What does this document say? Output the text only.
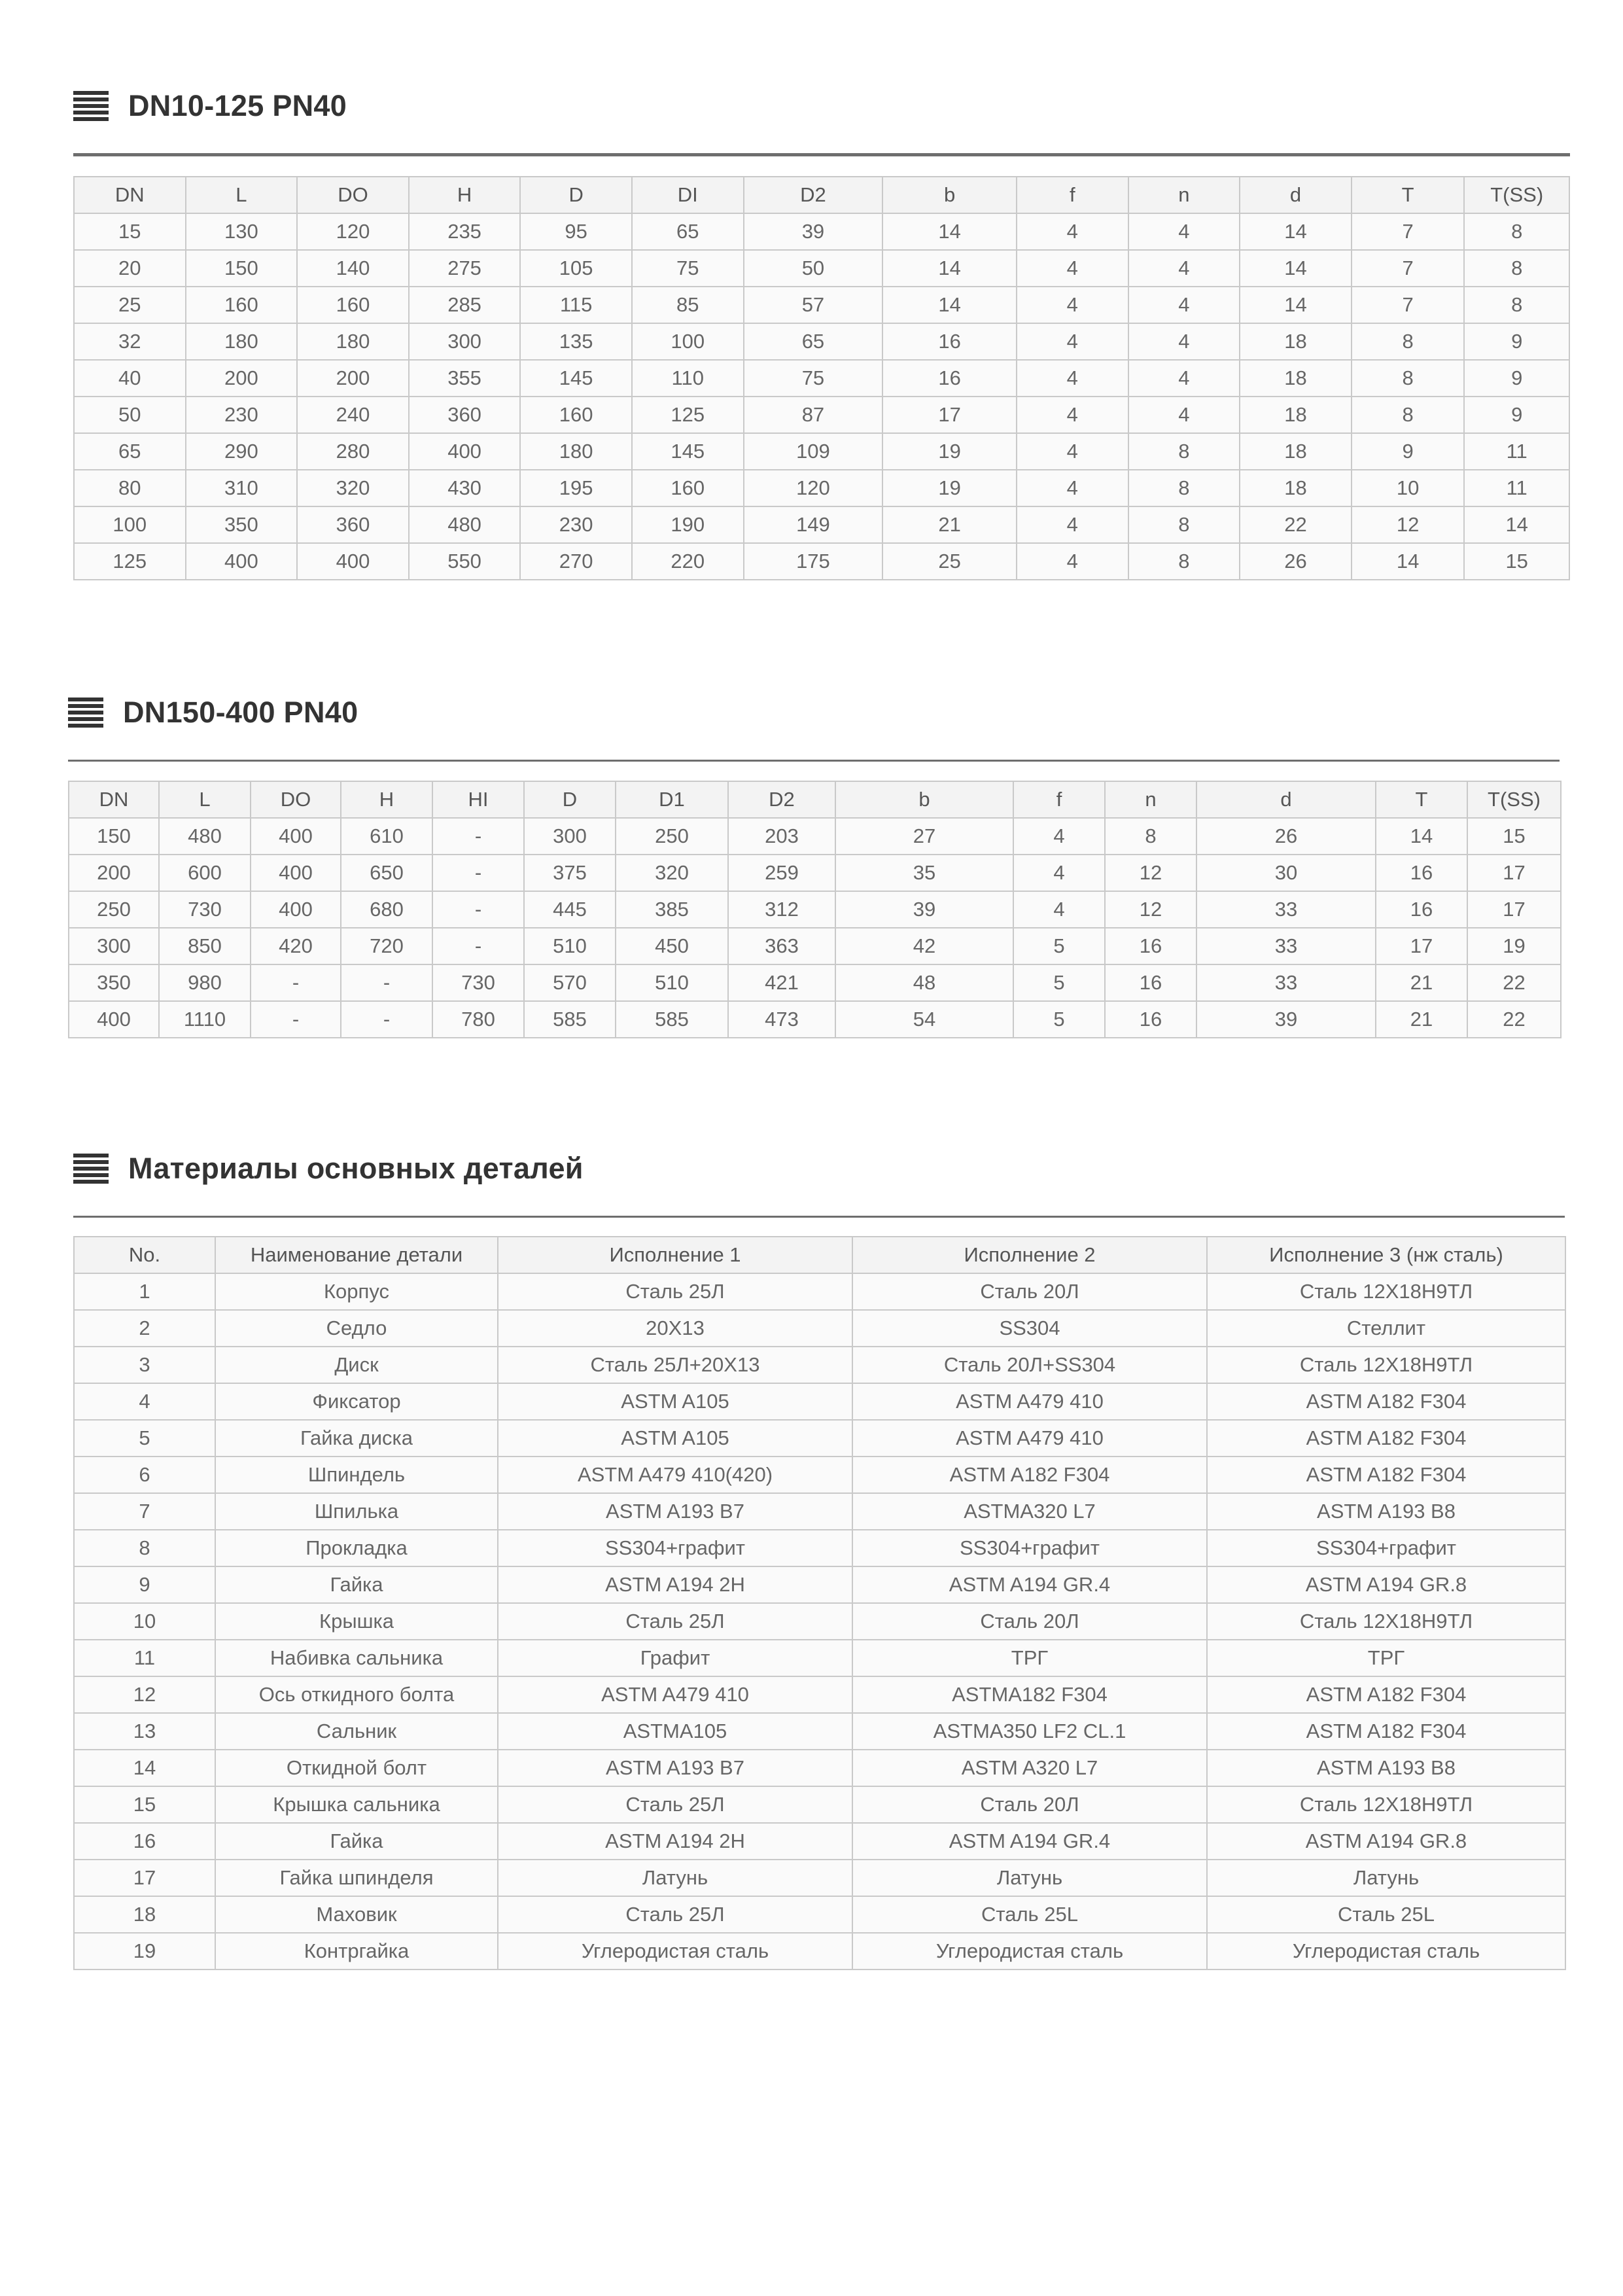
DN10-125 PN40
DN	L	DO	H	D	DI	D2	b	f	n	d	T	T(SS)
15	130	120	235	95	65	39	14	4	4	14	7	8
20	150	140	275	105	75	50	14	4	4	14	7	8
25	160	160	285	115	85	57	14	4	4	14	7	8
32	180	180	300	135	100	65	16	4	4	18	8	9
40	200	200	355	145	110	75	16	4	4	18	8	9
50	230	240	360	160	125	87	17	4	4	18	8	9
65	290	280	400	180	145	109	19	4	8	18	9	11
80	310	320	430	195	160	120	19	4	8	18	10	11
100	350	360	480	230	190	149	21	4	8	22	12	14
125	400	400	550	270	220	175	25	4	8	26	14	15
DN150-400 PN40
DN	L	DO	H	HI	D	D1	D2	b	f	n	d	T	T(SS)
150	480	400	610	-	300	250	203	27	4	8	26	14	15
200	600	400	650	-	375	320	259	35	4	12	30	16	17
250	730	400	680	-	445	385	312	39	4	12	33	16	17
300	850	420	720	-	510	450	363	42	5	16	33	17	19
350	980	-	-	730	570	510	421	48	5	16	33	21	22
400	1110	-	-	780	585	585	473	54	5	16	39	21	22
Материалы основных деталей
No.	Наименование детали	Исполнение 1	Исполнение 2	Исполнение 3 (нж сталь)
1	Корпус	Сталь 25Л	Сталь 20Л	Сталь 12Х18Н9ТЛ
2	Седло	20Х13	SS304	Стеллит
3	Диск	Сталь 25Л+20Х13	Сталь 20Л+SS304	Сталь 12Х18Н9ТЛ
4	Фиксатор	ASTM A105	ASTM A479 410	ASTM A182 F304
5	Гайка диска	ASTM A105	ASTM A479 410	ASTM A182 F304
6	Шпиндель	ASTM A479 410(420)	ASTM A182 F304	ASTM A182 F304
7	Шпилька	ASTM A193 B7	ASTMA320 L7	ASTM A193 B8
8	Прокладка	SS304+графит	SS304+графит	SS304+графит
9	Гайка	ASTM A194 2H	ASTM A194 GR.4	ASTM A194 GR.8
10	Крышка	Сталь 25Л	Сталь 20Л	Сталь 12Х18Н9ТЛ
11	Набивка сальника	Графит	ТРГ	ТРГ
12	Ось откидного болта	ASTM A479 410	ASTMA182 F304	ASTM A182 F304
13	Сальник	ASTMA105	ASTMA350 LF2 CL.1	ASTM A182 F304
14	Откидной болт	ASTM A193 B7	ASTM A320 L7	ASTM A193 B8
15	Крышка сальника	Сталь 25Л	Сталь 20Л	Сталь 12Х18Н9ТЛ
16	Гайка	ASTM A194 2H	ASTM A194 GR.4	ASTM A194 GR.8
17	Гайка шпинделя	Латунь	Латунь	Латунь
18	Маховик	Сталь 25Л	Сталь 25L	Сталь 25L
19	Контргайка	Углеродистая сталь	Углеродистая сталь	Углеродистая сталь
